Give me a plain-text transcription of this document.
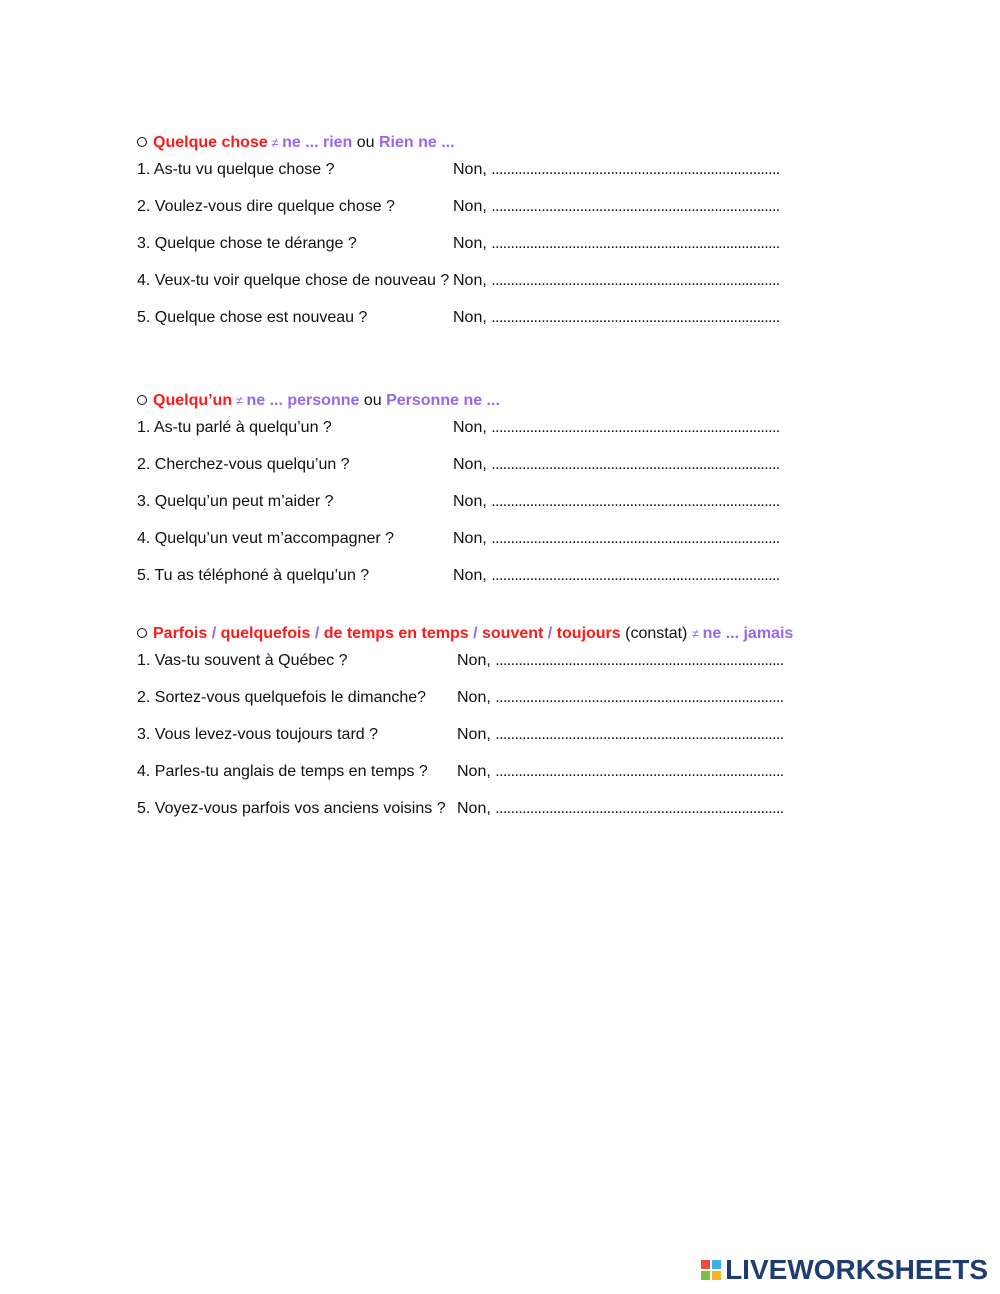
Quelque chose ≠ ne ... rien ou Rien ne ...
1. As-tu vu quelque chose ?	Non, ...........................................................................
2. Voulez-vous dire quelque chose ?	Non, ...........................................................................
3. Quelque chose te dérange ?	Non, ...........................................................................
4. Veux-tu voir quelque chose de nouveau ? Non, ...........................................................................
5. Quelque chose est nouveau ?	Non, ...........................................................................
Quelqu’un ≠ ne ... personne ou Personne ne ...
1. As-tu parlé à quelqu’un ?	Non, ...........................................................................
2. Cherchez-vous quelqu’un ?	Non, ...........................................................................
3. Quelqu’un peut m’aider ?	Non, ...........................................................................
4. Quelqu’un veut m’accompagner ?	Non, ...........................................................................
5. Tu as téléphoné à quelqu’un ?	Non, ...........................................................................
Parfois / quelquefois / de temps en temps / souvent / toujours (constat) ≠ ne ... jamais
1. Vas-tu souvent à Québec ?	Non, ...........................................................................
2. Sortez-vous quelquefois le dimanche? Non, ...........................................................................
3. Vous levez-vous toujours tard ?	Non, ...........................................................................
4. Parles-tu anglais de temps en temps ? Non, ...........................................................................
5. Voyez-vous parfois vos anciens voisins ? Non, ...........................................................................
LIVEWORKSHEETS
